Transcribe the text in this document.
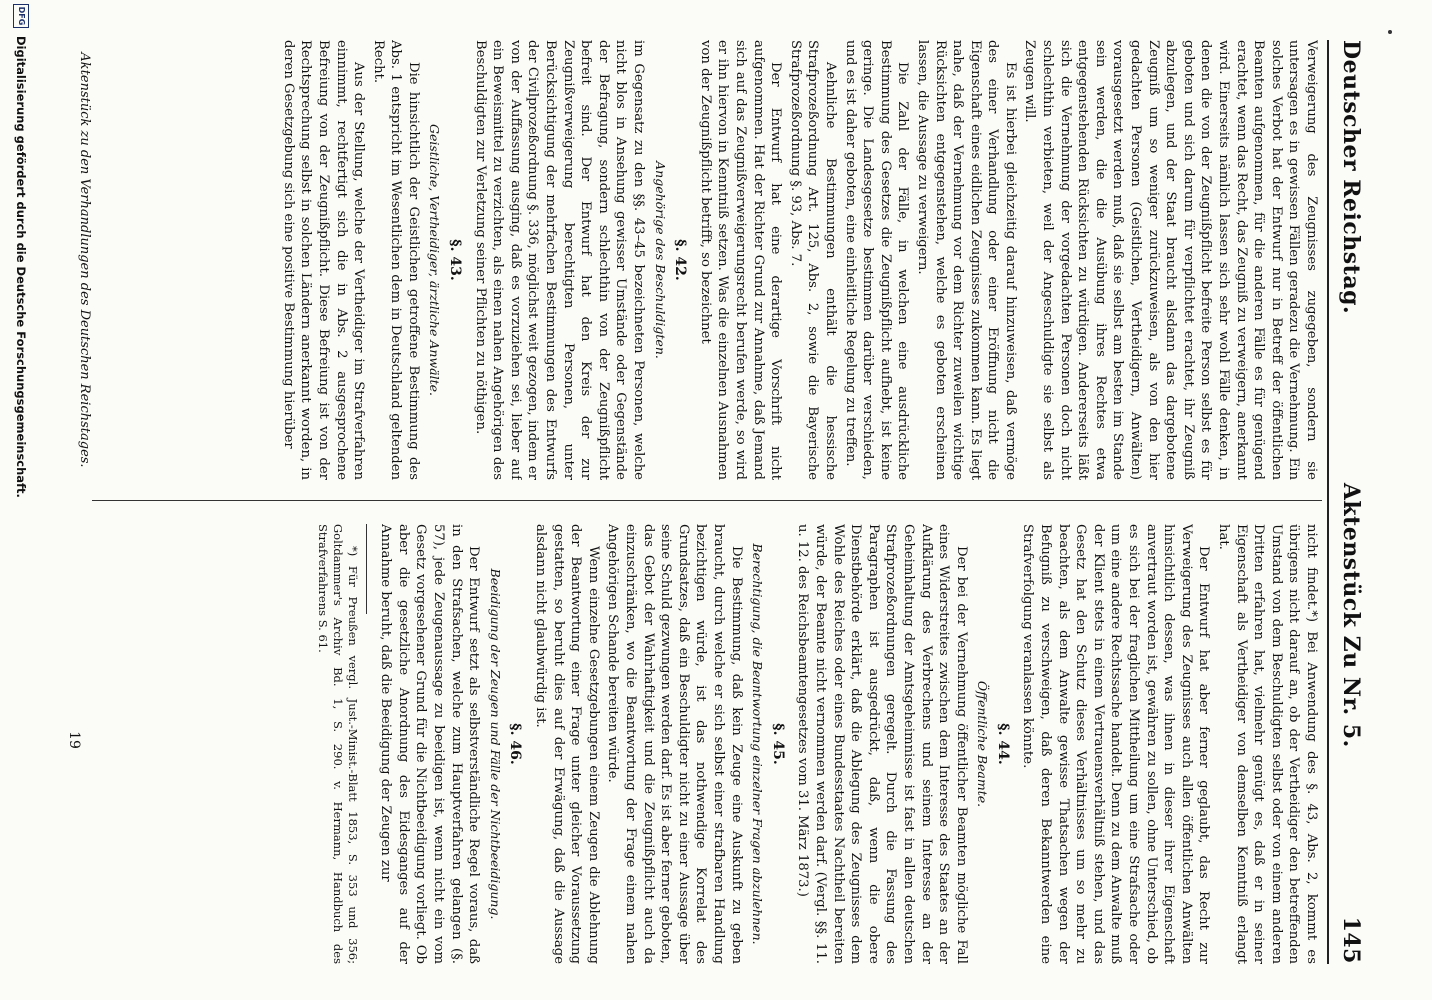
Deutscher Reichstag.
Aktenstück Zu Nr. 5.
145

Verweigerung des Zeugnisses zugegeben, sondern sie untersagen es in gewissen Fällen geradezu die Vernehmung. Ein solches Verbot hat der Entwurf nur in Betreff der öffentlichen Beamten aufgenommen, für die anderen Fälle es für genügend erachtet, wenn das Recht, das Zeugniß zu verweigern, anerkannt wird. Einerseits nämlich lassen sich sehr wohl Fälle denken, in denen die von der Zeugnißpflicht befreite Person selbst es für geboten und sich darum für verpflichtet erachtet, ihr Zeugniß abzulegen, und der Staat braucht alsdann das dargebotene Zeugniß um so weniger zurückzuweisen, als von den hier gedachten Personen (Geistlichen, Vertheidigern, Anwälten) vorausgesetzt werden muß, daß sie selbst am besten im Stande sein werden, die die Ausübung ihres Rechtes etwa entgegenstehenden Rücksichten zu würdigen. Andererseits läßt sich die Vernehmung der vorgedachten Personen doch nicht schlechthin verbieten, weil der Angeschuldigte sie selbst als Zeugen will.

Es ist hierbei gleichzeitig darauf hinzuweisen, daß vermöge des einer Verhandlung oder einer Eröffnung nicht die Eigenschaft eines eidlichen Zeugnisses zukommen kann. Es liegt nahe, daß der Vernehmung vor dem Richter zuweilen wichtige Rücksichten entgegenstehen, welche es geboten erscheinen lassen, die Aussage zu verweigern.

Die Zahl der Fälle, in welchen eine ausdrückliche Bestimmung des Gesetzes die Zeugnißpflicht aufhebt, ist keine geringe. Die Landesgesetze bestimmen darüber verschieden, und es ist daher geboten, eine einheitliche Regelung zu treffen.

Aehnliche Bestimmungen enthält die hessische Strafprozeßordnung Art. 125, Abs. 2, sowie die Bayerische Strafprozeßordnung §. 93, Abs. 7.

Der Entwurf hat eine derartige Vorschrift nicht aufgenommen. Hat der Richter Grund zur Annahme, daß Jemand sich auf das Zeugnißverweigerungsrecht berufen werde, so wird er ihn hiervon in Kenntniß setzen. Was die einzelnen Ausnahmen von der Zeugnißpflicht betrifft, so bezeichnet

§. 42.
Angehörige des Beschuldigten.

im Gegensatz zu den §§. 43–45 bezeichneten Personen, welche nicht blos in Ansehung gewisser Umstände oder Gegenstände der Befragung, sondern schlechthin von der Zeugnißpflicht befreit sind. Der Entwurf hat den Kreis der zur Zeugnißverweigerung berechtigten Personen, unter Berücksichtigung der mehrfachen Bestimmungen des Entwurfs der Civilprozeßordnung §. 336, möglichst weit gezogen, indem er von der Auffassung ausging, daß es vorzuziehen sei, lieber auf ein Beweismittel zu verzichten, als einen nahen Angehörigen des Beschuldigten zur Verletzung seiner Pflichten zu nöthigen.

§. 43.
Geistliche, Vertheidiger, ärztliche Anwälte.

Die hinsichtlich der Geistlichen getroffene Bestimmung des Abs. 1 entspricht im Wesentlichen dem in Deutschland geltenden Recht.

Aus der Stellung, welche der Vertheidiger im Strafverfahren einnimmt, rechtfertigt sich die in Abs. 2 ausgesprochene Befreiung von der Zeugnißpflicht. Diese Befreiung ist von der Rechtsprechung selbst in solchen Ländern anerkannt worden, in deren Gesetzgebung sich eine positive Bestimmung hierüber

nicht findet.*) Bei Anwendung des §. 43, Abs. 2, kommt es übrigens nicht darauf an, ob der Vertheidiger den betreffenden Umstand von dem Beschuldigten selbst oder von einem anderen Dritten erfahren hat, vielmehr genügt es, daß er in seiner Eigenschaft als Vertheidiger von demselben Kenntniß erlangt hat.

Der Entwurf hat aber ferner geglaubt, das Recht zur Verweigerung des Zeugnisses auch allen öffentlichen Anwälten hinsichtlich dessen, was ihnen in dieser ihrer Eigenschaft anvertraut worden ist, gewähren zu sollen, ohne Unterschied, ob es sich bei der fraglichen Mittheilung um eine Strafsache oder um eine andere Rechtssache handelt. Denn zu dem Anwalte muß der Klient stets in einem Vertrauensverhältniß stehen, und das Gesetz hat den Schutz dieses Verhältnisses um so mehr zu beachten, als dem Anwalte gewisse Thatsachen wegen der Befugniß zu verschweigen, daß deren Bekanntwerden eine Strafverfolgung veranlassen könnte.

§. 44.
Öffentliche Beamte.

Der bei der Vernehmung öffentlicher Beamten mögliche Fall eines Widerstreites zwischen dem Interesse des Staates an der Aufklärung des Verbrechens und seinem Interesse an der Geheimhaltung der Amtsgeheimnisse ist fast in allen deutschen Strafprozeßordnungen geregelt. Durch die Fassung des Paragraphen ist ausgedrückt, daß, wenn die obere Dienstbehörde erklärt, daß die Ablegung des Zeugnisses dem Wohle des Reiches oder eines Bundesstaates Nachtheil bereiten würde, der Beamte nicht vernommen werden darf. (Vergl. §§. 11. u. 12. des Reichsbeamtengesetzes vom 31. März 1873.)

§. 45.
Berechtigung, die Beantwortung einzelner Fragen abzulehnen.

Die Bestimmung, daß kein Zeuge eine Auskunft zu geben braucht, durch welche er sich selbst einer strafbaren Handlung bezichtigen würde, ist das nothwendige Korrelat des Grundsatzes, daß ein Beschuldigter nicht zu einer Aussage über seine Schuld gezwungen werden darf. Es ist aber ferner geboten, das Gebot der Wahrhaftigkeit und die Zeugnißpflicht auch da einzuschränken, wo die Beantwortung der Frage einem nahen Angehörigen Schande bereiten würde.

Wenn einzelne Gesetzgebungen einem Zeugen die Ablehnung der Beantwortung einer Frage unter gleicher Voraussetzung gestatten, so beruht dies auf der Erwägung, daß die Aussage alsdann nicht glaubwürdig ist.

§. 46.
Beeidigung der Zeugen und Fälle der Nichtbeeidigung.

Der Entwurf setzt als selbstverständliche Regel voraus, daß in den Strafsachen, welche zum Hauptverfahren gelangen (§. 57), jede Zeugenaussage zu beeidigen ist, wenn nicht ein vom Gesetz vorgesehener Grund für die Nichtbeeidigung vorliegt. Ob aber die gesetzliche Anordnung des Eidesganges auf der Annahme beruht, daß die Beeidigung der Zeugen zur

*) Für Preußen vergl. Just.-Minist.-Blatt 1853, S. 353 und 356; Goltdammer's Archiv Bd. 1, S. 290. v. Hermann, Handbuch des Strafverfahrens S. 61.

Aktenstück zu den Verhandlungen des Deutschen Reichstages.
19
DFG
Digitalisierung gefördert durch die Deutsche Forschungsgemeinschaft.
